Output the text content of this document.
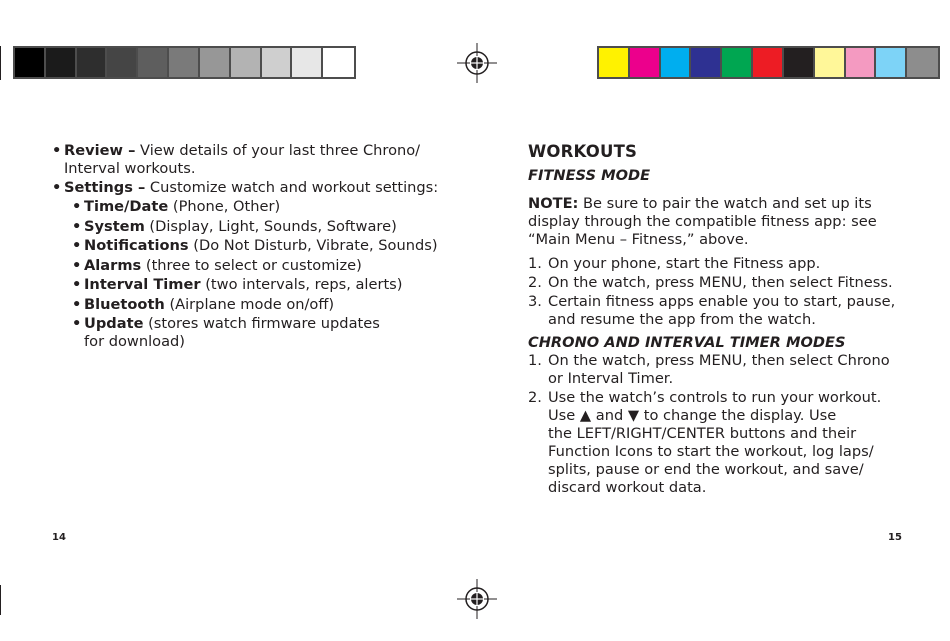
• Review – View details of your last three Chrono/
Interval workouts.
• Settings – Customize watch and workout settings:
• Time/Date (Phone, Other)
• System (Display, Light, Sounds, Software)
• Notifications (Do Not Disturb, Vibrate, Sounds)
• Alarms (three to select or customize)
• Interval Timer (two intervals, reps, alerts)
• Bluetooth (Airplane mode on/off)
• Update (stores watch firmware updates
for download)
WORKOUTS
FITNESS MODE
NOTE: Be sure to pair the watch and set up its
display through the compatible fitness app: see
“Main Menu – Fitness,” above.
1. On your phone, start the Fitness app.
2. On the watch, press MENU, then select Fitness.
3. Certain fitness apps enable you to start, pause,
and resume the app from the watch.
CHRONO AND INTERVAL TIMER MODES
1. On the watch, press MENU, then select Chrono
or Interval Timer.
2. Use the watch’s controls to run your workout.
Use ▲ and ▼ to change the display. Use
the LEFT/RIGHT/CENTER buttons and their
Function Icons to start the workout, log laps/
splits, pause or end the workout, and save/
discard workout data.
14	15
